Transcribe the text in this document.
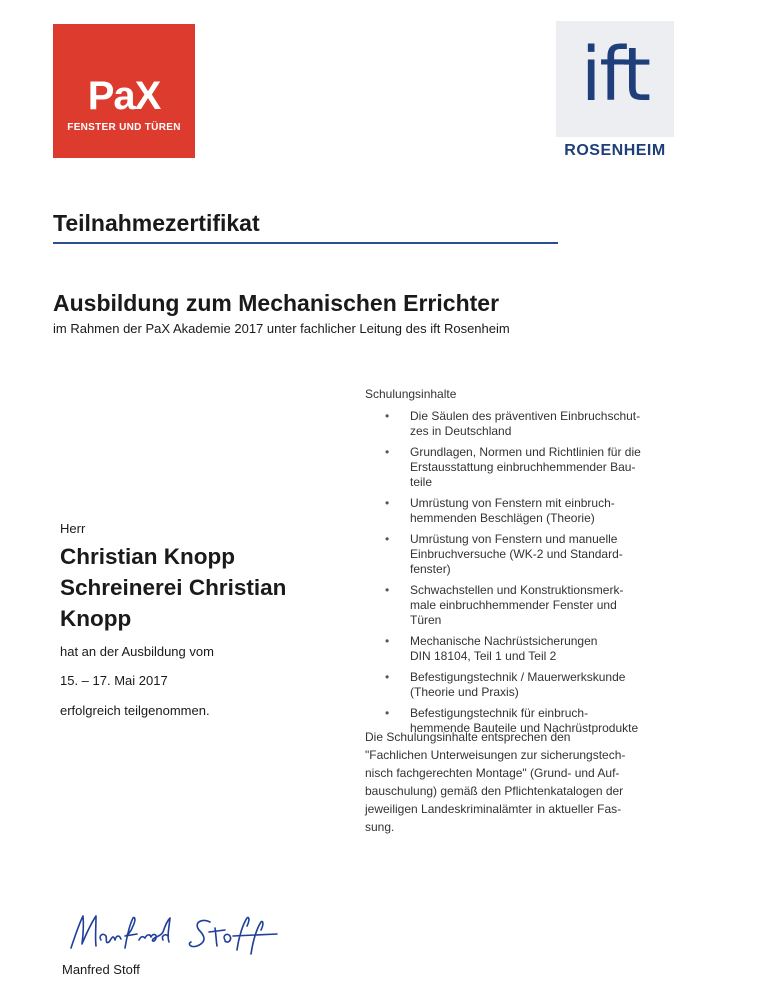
PaX
FENSTER UND TÜREN
ift
ROSENHEIM
Teilnahmezertifikat
Ausbildung zum Mechanischen Errichter
im Rahmen der PaX Akademie 2017 unter fachlicher Leitung des ift Rosenheim
Herr
Christian Knopp
Schreinerei Christian
Knopp
hat an der Ausbildung vom
15. – 17. Mai 2017
erfolgreich teilgenommen.
Schulungsinhalte
• Die Säulen des präventiven Einbruchschut-
zes in Deutschland
• Grundlagen, Normen und Richtlinien für die
Erstausstattung einbruchhemmender Bau-
teile
• Umrüstung von Fenstern mit einbruch-
hemmenden Beschlägen (Theorie)
• Umrüstung von Fenstern und manuelle
Einbruchversuche (WK-2 und Standard-
fenster)
• Schwachstellen und Konstruktionsmerk-
male einbruchhemmender Fenster und
Türen
• Mechanische Nachrüstsicherungen
DIN 18104, Teil 1 und Teil 2
• Befestigungstechnik / Mauerwerkskunde
(Theorie und Praxis)
• Befestigungstechnik für einbruch-
hemmende Bauteile und Nachrüstprodukte
Die Schulungsinhalte entsprechen den
"Fachlichen Unterweisungen zur sicherungstech-
nisch fachgerechten Montage" (Grund- und Auf-
bauschulung) gemäß den Pflichtenkatalogen der
jeweiligen Landeskriminalämter in aktueller Fas-
sung.
Manfred Stoff
